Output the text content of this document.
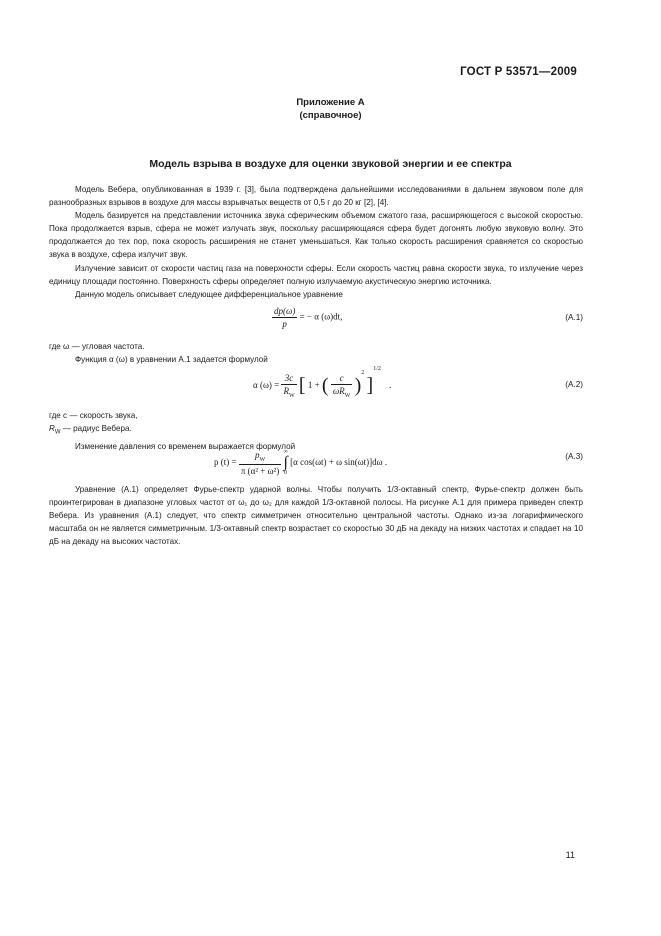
ГОСТ Р 53571—2009
Приложение А
(справочное)
Модель взрыва в воздухе для оценки звуковой энергии и ее спектра

Модель Вебера, опубликованная в 1939 г. [3], была подтверждена дальнейшими исследованиями в дальнем звуковом поле для разнообразных взрывов в воздухе для массы взрывчатых веществ от 0,5 г до 20 кг [2], [4].

Модель базируется на представлении источника звука сферическим объемом сжатого газа, расширяющегося с высокой скоростью. Пока продолжается взрыв, сфера не может излучать звук, поскольку расширяющаяся сфера будет догонять любую звуковую волну. Это продолжается до тех пор, пока скорость расширения не станет уменьшаться. Как только скорость расширения сравняется со скоростью звука в воздухе, сфера излучит звук.

Излучение зависит от скорости частиц газа на поверхности сферы. Если скорость частиц равна скорости звука, то излучение через единицу площади постоянно. Поверхность сферы определяет полную излучаемую акустическую энергию источника.

Данную модель описывает следующее дифференциальное уравнение

$\frac{dp(\omega)}{p}$ = − α (ω)dt,	(А.1)

где ω — угловая частота.

Функция α (ω) в уравнении А.1 задается формулой

α $(\omega) = \frac{3c}{R_W}$ [ 1 + ( $\frac{c}{\omega R_W} )^2$ ]$^{1/2}$ .	(А.2)

где c — скорость звука,

$R_W$ — радиус Вебера.

Изменение давления со временем выражается формулой

p $(t) = \frac{p_W}{\text{π (α² + ω²)}}$
∞
∫
0
[α cos(ωt) + ω sin(ωt)]dω .
(А.3)

Уравнение (А.1) определяет Фурье-спектр ударной волны. Чтобы получить 1/3-октавный спектр, Фурье-спектр должен быть проинтегрирован в диапазоне угловых частот от ω₁ до ω₂ для каждой 1/3-октавной полосы. На рисунке А.1 для примера приведен спектр Вебера. Из уравнения (А.1) следует, что спектр симметричен относительно центральной частоты. Однако из-за логарифмического масштаба он не является симметричным. 1/3-октавный спектр возрастает со скоростью 30 дБ на декаду на низких частотах и спадает на 10 дБ на декаду на высоких частотах.

11
